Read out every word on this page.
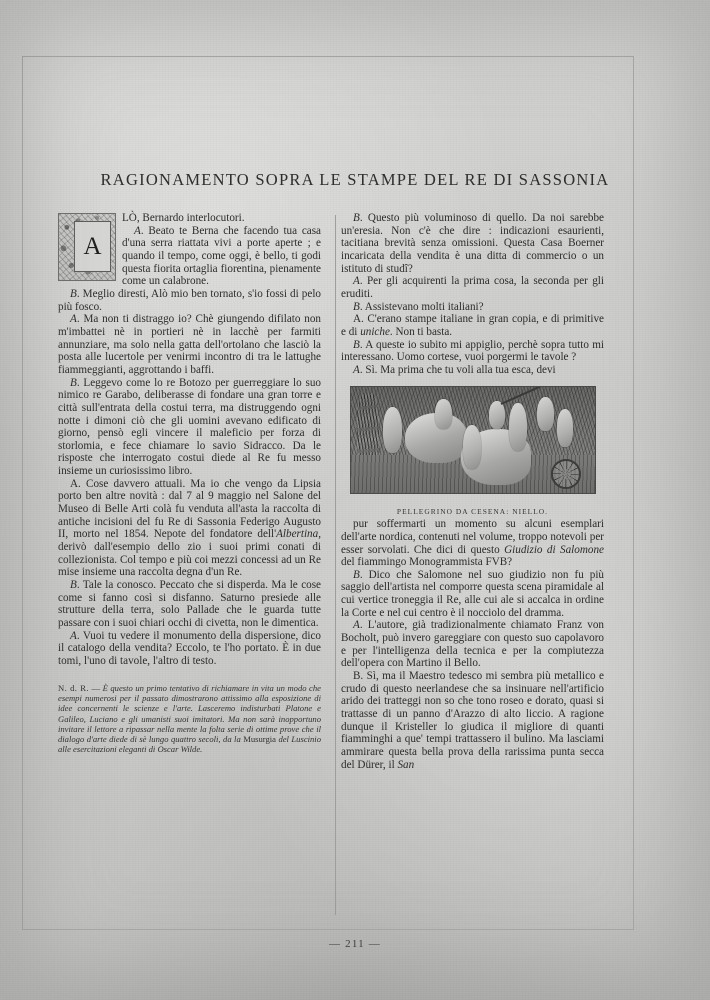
RAGIONAMENTO SOPRA LE STAMPE DEL RE DI SASSONIA
A

LÒ, Bernardo interlocutori.

A. Beato te Berna che facendo tua casa d'una serra riattata vivi a porte aperte ; e quando il tempo, come oggi, è bello, ti godi questa fiorita ortaglia fiorentina, pienamente come un calabrone.

B. Meglio diresti, Alò mio ben tornato, s'io fossi di pelo più fosco.

A. Ma non ti distraggo io? Chè giungendo difilato non m'imbattei nè in portieri nè in lacchè per farmiti annunziare, ma solo nella gatta dell'ortolano che lasciò la posta alle lucertole per venirmi incontro di tra le lattughe fiammeggianti, aggrottando i baffi.

B. Leggevo come lo re Botozo per guerreggiare lo suo nimico re Garabo, deliberasse di fondare una gran torre e città sull'entrata della costui terra, ma distruggendo ogni notte i dimoni ciò che gli uomini avevano edificato di giorno, pensò egli vincere il maleficio per forza di storlomia, e fece chiamare lo savio Sidracco. Da le risposte che interrogato costui diede al Re fu messo insieme un curiosissimo libro.

A. Cose davvero attuali. Ma io che vengo da Lipsia porto ben altre novità : dal 7 al 9 maggio nel Salone del Museo di Belle Arti colà fu venduta all'asta la raccolta di antiche incisioni del fu Re di Sassonia Federigo Augusto II, morto nel 1854. Nepote del fondatore dell'Albertina, derivò dall'esempio dello zio i suoi primi conati di collezionista. Col tempo e più coi mezzi concessi ad un Re mise insieme una raccolta degna d'un Re.

B. Tale la conosco. Peccato che si disperda. Ma le cose come si fanno così si disfanno. Saturno presiede alle strutture della terra, solo Pallade che le guarda tutte passare con i suoi chiari occhi di civetta, non le dimentica.

A. Vuoi tu vedere il monumento della dispersione, dico il catalogo della vendita? Eccolo, te l'ho portato. È in due tomi, l'uno di tavole, l'altro di testo.

N. d. R. — È questo un primo tentativo di richiamare in vita un modo che esempi numerosi per il passato dimostrarono attissimo alla esposizione di idee concernenti le scienze e l'arte. Lasceremo indisturbati Platone e Galileo, Luciano e gli umanisti suoi imitatori. Ma non sarà inopportuno invitare il lettore a ripassar nella mente la folta serie di ottime prove che il dialogo d'arte diede di sè lungo quattro secoli, da la Musurgia del Luscinio alle esercitazioni eleganti di Oscar Wilde.

B. Questo più voluminoso di quello. Da noi sarebbe un'eresia. Non c'è che dire : indicazioni esaurienti, tacitiana brevità senza omissioni. Questa Casa Boerner incaricata della vendita è una ditta di commercio o un istituto di studî?

A. Per gli acquirenti la prima cosa, la seconda per gli eruditi.

B. Assistevano molti italiani?

A. C'erano stampe italiane in gran copia, e di primitive e di uniche. Non ti basta.

B. A queste io subito mi appiglio, perchè sopra tutto mi interessano. Uomo cortese, vuoi porgermi le tavole ?

A. Sì. Ma prima che tu voli alla tua esca, devi

PELLEGRINO DA CESENA: NIELLO.

pur soffermarti un momento su alcuni esemplari dell'arte nordica, contenuti nel volume, troppo notevoli per esser sorvolati. Che dici di questo Giudizio di Salomone del fiammingo Monogrammista FVB?

B. Dico che Salomone nel suo giudizio non fu più saggio dell'artista nel comporre questa scena piramidale al cui vertice troneggia il Re, alle cui ale si accalca in ordine la Corte e nel cui centro è il nocciolo del dramma.

A. L'autore, già tradizionalmente chiamato Franz von Bocholt, può invero gareggiare con questo suo capolavoro e per l'intelligenza della tecnica e per la compiutezza dell'opera con Martino il Bello.

B. Sì, ma il Maestro tedesco mi sembra più metallico e crudo di questo neerlandese che sa insinuare nell'artificio arido dei tratteggi non so che tono roseo e dorato, quasi si trattasse di un panno d'Arazzo di alto liccio. A ragione dunque il Kristeller lo giudica il migliore di quanti fiamminghi a que' tempi trattassero il bulino. Ma lasciami ammirare questa bella prova della rarissima punta secca del Dürer, il San

— 211 —
